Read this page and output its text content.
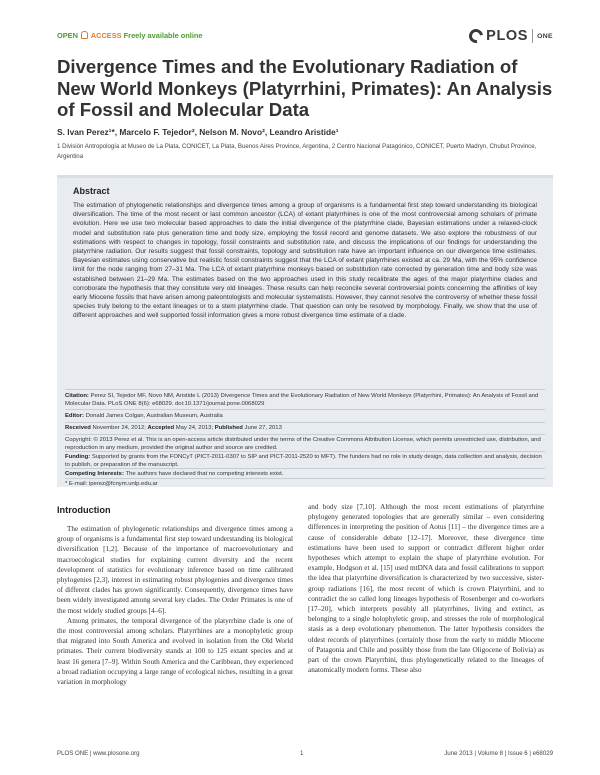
OPEN ACCESS Freely available online	PLOS ONE
Divergence Times and the Evolutionary Radiation of New World Monkeys (Platyrrhini, Primates): An Analysis of Fossil and Molecular Data
S. Ivan Perez¹*, Marcelo F. Tejedor², Nelson M. Novo², Leandro Aristide¹
1 División Antropología at Museo de La Plata, CONICET, La Plata, Buenos Aires Province, Argentina, 2 Centro Nacional Patagónico, CONICET, Puerto Madryn, Chubut Province, Argentina
Abstract
The estimation of phylogenetic relationships and divergence times among a group of organisms is a fundamental first step toward understanding its biological diversification. The time of the most recent or last common ancestor (LCA) of extant platyrrhines is one of the most controversial among scholars of primate evolution. Here we use two molecular based approaches to date the initial divergence of the platyrrhine clade, Bayesian estimations under a relaxed-clock model and substitution rate plus generation time and body size, employing the fossil record and genome datasets. We also explore the robustness of our estimations with respect to changes in topology, fossil constraints and substitution rate, and discuss the implications of our findings for understanding the platyrrhine radiation. Our results suggest that fossil constraints, topology and substitution rate have an important influence on our divergence time estimates. Bayesian estimates using conservative but realistic fossil constraints suggest that the LCA of extant platyrrhines existed at ca. 29 Ma, with the 95% confidence limit for the node ranging from 27–31 Ma. The LCA of extant platyrrhine monkeys based on substitution rate corrected by generation time and body size was established between 21–29 Ma. The estimates based on the two approaches used in this study recalibrate the ages of the major platyrrhine clades and corroborate the hypothesis that they constitute very old lineages. These results can help reconcile several controversial points concerning the affinities of key early Miocene fossils that have arisen among paleontologists and molecular systematists. However, they cannot resolve the controversy of whether these fossil species truly belong to the extant lineages or to a stem platyrrhine clade. That question can only be resolved by morphology. Finally, we show that the use of different approaches and well supported fossil information gives a more robust divergence time estimate of a clade.
Citation: Perez SI, Tejedor MF, Novo NM, Aristide L (2013) Divergence Times and the Evolutionary Radiation of New World Monkeys (Platyrrhini, Primates): An Analysis of Fossil and Molecular Data. PLoS ONE 8(6): e68029. doi:10.1371/journal.pone.0068029
Editor: Donald James Colgan, Australian Museum, Australia
Received November 24, 2012; Accepted May 24, 2013; Published June 27, 2013
Copyright: © 2013 Perez et al. This is an open-access article distributed under the terms of the Creative Commons Attribution License, which permits unrestricted use, distribution, and reproduction in any medium, provided the original author and source are credited.
Funding: Supported by grants from the FONCyT (PICT-2011-0307 to SIP and PICT-2011-2520 to MFT). The funders had no role in study design, data collection and analysis, decision to publish, or preparation of the manuscript.
Competing Interests: The authors have declared that no competing interests exist.
* E-mail: iperez@fcnym.unlp.edu.ar
Introduction

The estimation of phylogenetic relationships and divergence times among a group of organisms is a fundamental first step toward understanding its biological diversification [1,2]. Because of the importance of macroevolutionary and macroecological studies for explaining current diversity and the recent development of statistics for evolutionary inference based on time calibrated phylogenies [2,3], interest in estimating robust phylogenies and divergence times of different clades has grown significantly. Consequently, divergence times have been widely investigated among several key clades. The Order Primates is one of the most widely studied groups [4–6].

Among primates, the temporal divergence of the platyrrhine clade is one of the most controversial among scholars. Platyrrhines are a monophyletic group that migrated into South America and evolved in isolation from the Old World primates. Their current biodiversity stands at 100 to 125 extant species and at least 16 genera [7–9]. Within South America and the Caribbean, they experienced a broad radiation occupying a large range of ecological niches, resulting in a great variation in morphology

and body size [7,10]. Although the most recent estimations of platyrrhine phylogeny generated topologies that are generally similar – even considering differences in interpreting the position of Aotus [11] – the divergence times are a cause of considerable debate [12–17]. Moreover, these divergence time estimations have been used to support or contradict different higher order hypotheses which attempt to explain the shape of platyrrhine evolution. For example, Hodgson et al. [15] used mtDNA data and fossil calibrations to support the idea that platyrrhine diversification is characterized by two successive, sister-group radiations [16], the most recent of which is crown Platyrrhini, and to contradict the so called long lineages hypothesis of Rosenberger and co-workers [17–20], which interprets possibly all platyrrhines, living and extinct, as belonging to a single holophyletic group, and stresses the role of morphological stasis as a deep evolutionary phenomenon. The latter hypothesis considers the oldest records of platyrrhines (certainly those from the early to middle Miocene of Patagonia and Chile and possibly those from the late Oligocene of Bolivia) as part of the crown Platyrrhini, thus phylogenetically related to the lineages of anatomically modern forms. These also

PLOS ONE | www.plosone.org	1	June 2013 | Volume 8 | Issue 6 | e68029
